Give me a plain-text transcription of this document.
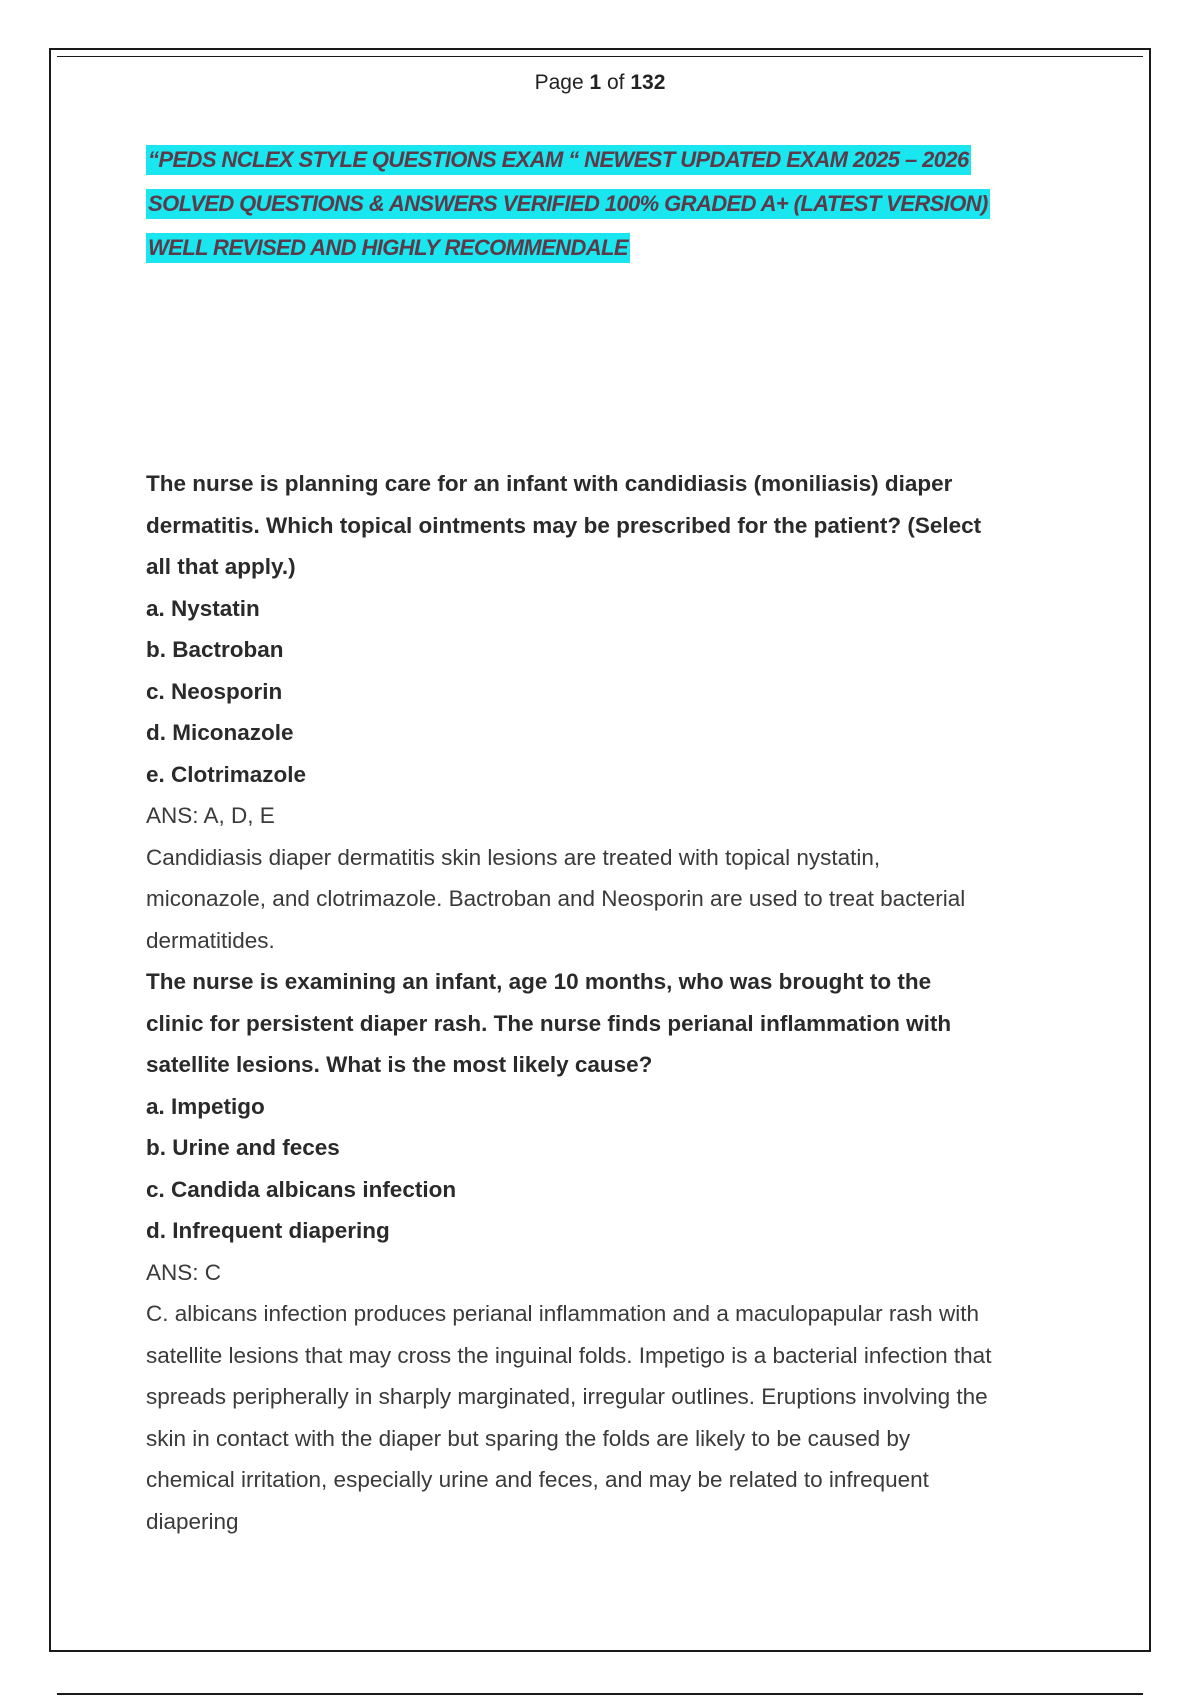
Page 1 of 132
“PEDS NCLEX STYLE QUESTIONS EXAM “ NEWEST UPDATED EXAM 2025 – 2026
SOLVED QUESTIONS & ANSWERS VERIFIED 100% GRADED A+ (LATEST VERSION)
WELL REVISED AND HIGHLY RECOMMENDALE
The nurse is planning care for an infant with candidiasis (moniliasis) diaper
dermatitis. Which topical ointments may be prescribed for the patient? (Select
all that apply.)
a. Nystatin
b. Bactroban
c. Neosporin
d. Miconazole
e. Clotrimazole
ANS: A, D, E
Candidiasis diaper dermatitis skin lesions are treated with topical nystatin,
miconazole, and clotrimazole. Bactroban and Neosporin are used to treat bacterial
dermatitides.
The nurse is examining an infant, age 10 months, who was brought to the
clinic for persistent diaper rash. The nurse finds perianal inflammation with
satellite lesions. What is the most likely cause?
a. Impetigo
b. Urine and feces
c. Candida albicans infection
d. Infrequent diapering
ANS: C
C. albicans infection produces perianal inflammation and a maculopapular rash with
satellite lesions that may cross the inguinal folds. Impetigo is a bacterial infection that
spreads peripherally in sharply marginated, irregular outlines. Eruptions involving the
skin in contact with the diaper but sparing the folds are likely to be caused by
chemical irritation, especially urine and feces, and may be related to infrequent
diapering
